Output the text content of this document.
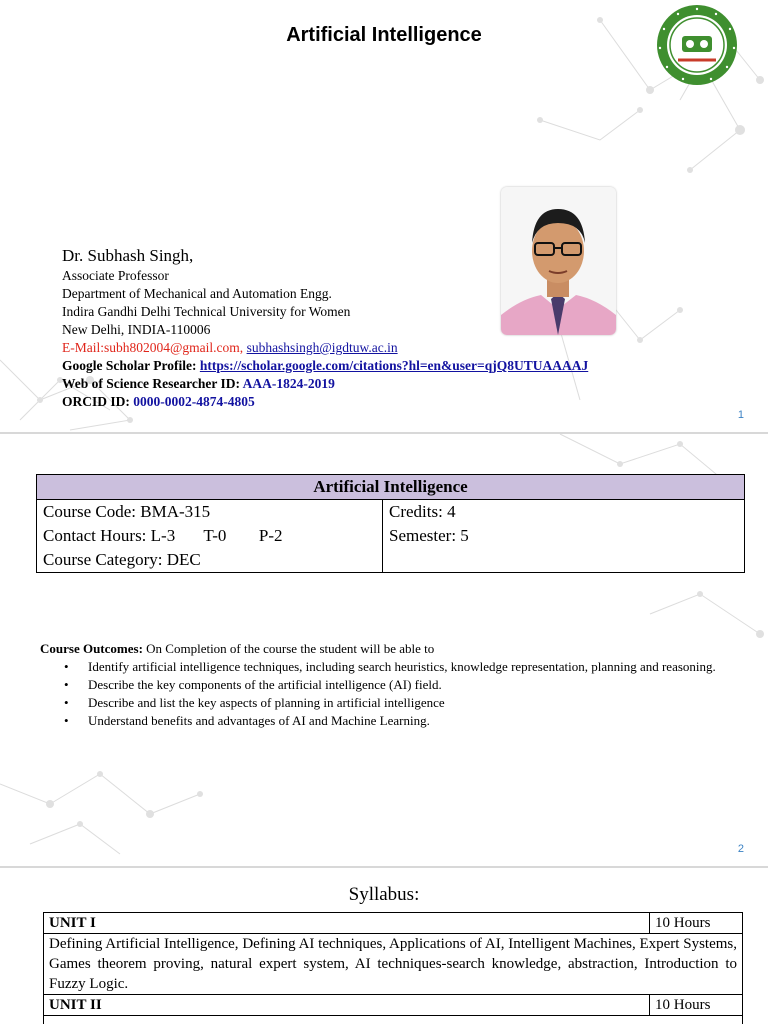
Artificial Intelligence
Dr. Subhash Singh,
Associate Professor
Department of Mechanical and Automation Engg.
Indira Gandhi Delhi Technical University for Women
New Delhi, INDIA-110006
E-Mail:subh802004@gmail.com, subhashsingh@igdtuw.ac.in
Google Scholar Profile: https://scholar.google.com/citations?hl=en&user=qjQ8UTUAAAAJ
Web of Science Researcher ID: AAA-1824-2019
ORCID ID: 0000-0002-4874-4805
1
Artificial Intelligence

Course Code: BMA-315
Contact Hours: L-3 T-0 P-2
Course Category: DEC

Credits: 4
Semester: 5
Course Outcomes: On Completion of the course the student will be able to
• Identify artificial intelligence techniques, including search heuristics, knowledge representation, planning and reasoning.
• Describe the key components of the artificial intelligence (AI) field.
• Describe and list the key aspects of planning in artificial intelligence
• Understand benefits and advantages of AI and Machine Learning.
2
Syllabus:
UNIT I	10 Hours
Defining Artificial Intelligence, Defining AI techniques, Applications of AI, Intelligent Machines, Expert Systems, Games theorem proving, natural expert system, AI techniques-search knowledge, abstraction, Introduction to Fuzzy Logic.	
UNIT II	10 Hours
